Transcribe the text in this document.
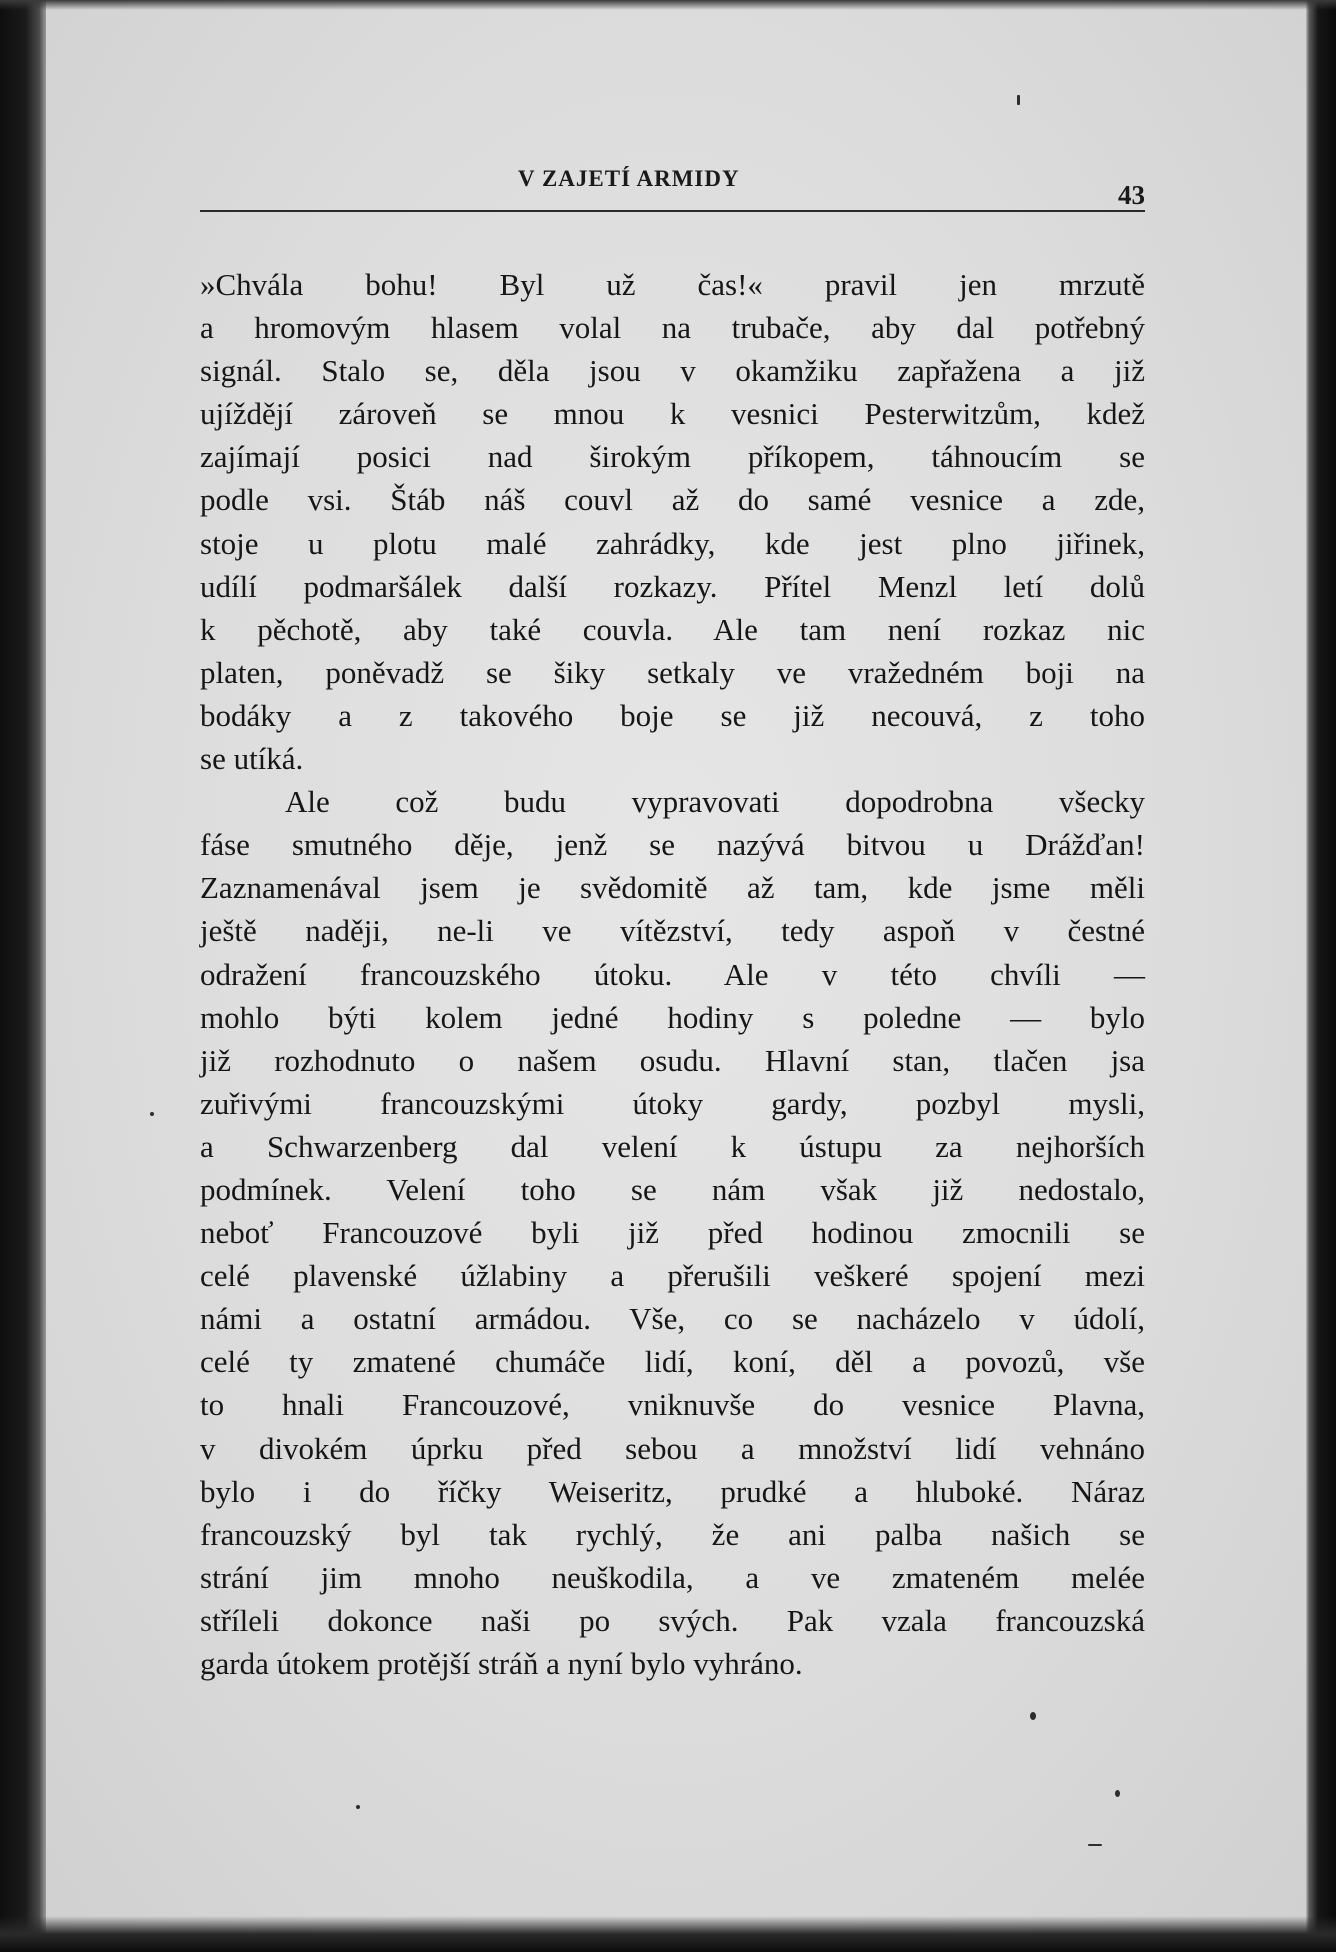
V ZAJETÍ ARMIDY
43
»Chvála bohu! Byl už čas!« pravil jen mrzutě
a hromovým hlasem volal na trubače, aby dal potřebný
signál. Stalo se, děla jsou v okamžiku zapřažena a již
ujíždějí zároveň se mnou k vesnici Pesterwitzům, kdež
zajímají posici nad širokým příkopem, táhnoucím se
podle vsi. Štáb náš couvl až do samé vesnice a zde,
stoje u plotu malé zahrádky, kde jest plno jiřinek,
udílí podmaršálek další rozkazy. Přítel Menzl letí dolů
k pěchotě, aby také couvla. Ale tam není rozkaz nic
platen, poněvadž se šiky setkaly ve vražedném boji na
bodáky a z takového boje se již necouvá, z toho
se utíká.
Ale což budu vypravovati dopodrobna všecky
fáse smutného děje, jenž se nazývá bitvou u Drážďan!
Zaznamenával jsem je svědomitě až tam, kde jsme měli
ještě naději, ne-li ve vítězství, tedy aspoň v čestné
odražení francouzského útoku. Ale v této chvíli —
mohlo býti kolem jedné hodiny s poledne — bylo
již rozhodnuto o našem osudu. Hlavní stan, tlačen jsa
zuřivými francouzskými útoky gardy, pozbyl mysli,
a Schwarzenberg dal velení k ústupu za nejhorších
podmínek. Velení toho se nám však již nedostalo,
neboť Francouzové byli již před hodinou zmocnili se
celé plavenské úžlabiny a přerušili veškeré spojení mezi
námi a ostatní armádou. Vše, co se nacházelo v údolí,
celé ty zmatené chumáče lidí, koní, děl a povozů, vše
to hnali Francouzové, vniknuvše do vesnice Plavna,
v divokém úprku před sebou a množství lidí vehnáno
bylo i do říčky Weiseritz, prudké a hluboké. Náraz
francouzský byl tak rychlý, že ani palba našich se
strání jim mnoho neuškodila, a ve zmateném melée
stříleli dokonce naši po svých. Pak vzala francouzská
garda útokem protější stráň a nyní bylo vyhráno.
